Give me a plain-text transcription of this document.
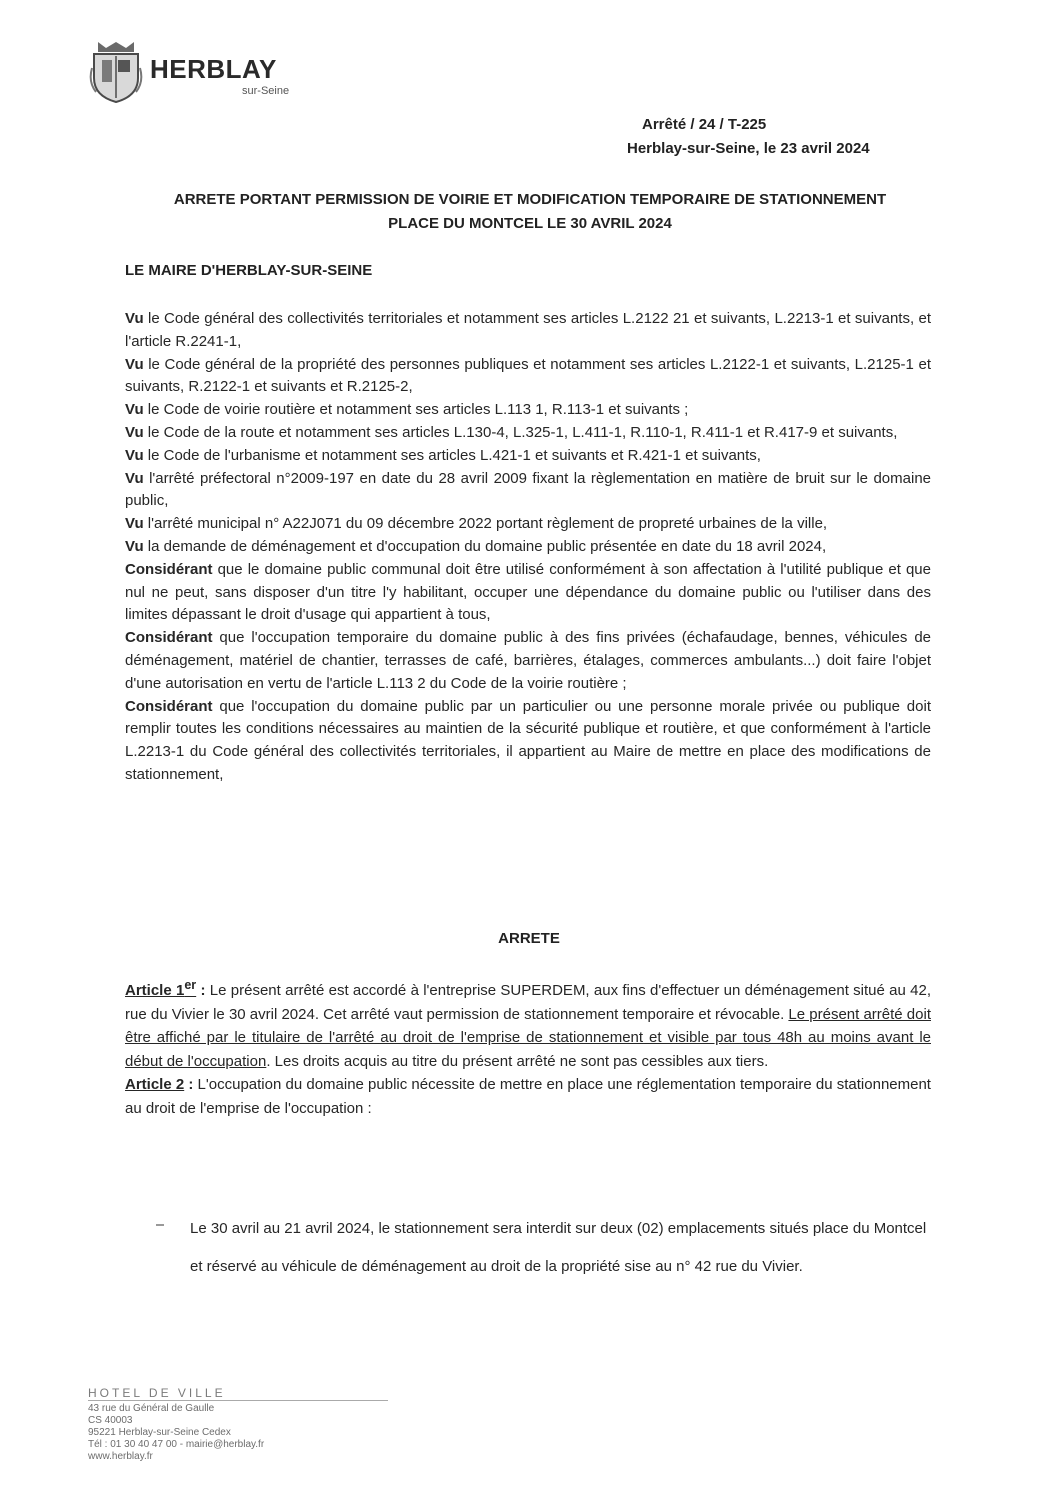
HERBLAY
sur-Seine
Arrêté / 24 / T-225
Herblay-sur-Seine, le 23 avril 2024
ARRETE PORTANT PERMISSION DE VOIRIE ET MODIFICATION TEMPORAIRE DE STATIONNEMENT
PLACE DU MONTCEL LE 30 AVRIL 2024
LE MAIRE D'HERBLAY-SUR-SEINE

Vu le Code général des collectivités territoriales et notamment ses articles L.2122 21 et suivants, L.2213-1 et suivants, et l'article R.2241-1,

Vu le Code général de la propriété des personnes publiques et notamment ses articles L.2122-1 et suivants, L.2125-1 et suivants, R.2122-1 et suivants et R.2125-2,

Vu le Code de voirie routière et notamment ses articles L.113 1, R.113-1 et suivants ;

Vu le Code de la route et notamment ses articles L.130-4, L.325-1, L.411-1, R.110-1, R.411-1 et R.417-9 et suivants,

Vu le Code de l'urbanisme et notamment ses articles L.421-1 et suivants et R.421-1 et suivants,

Vu l'arrêté préfectoral n°2009-197 en date du 28 avril 2009 fixant la règlementation en matière de bruit sur le domaine public,

Vu l'arrêté municipal n° A22J071 du 09 décembre 2022 portant règlement de propreté urbaines de la ville,

Vu la demande de déménagement et d'occupation du domaine public présentée en date du 18 avril 2024,

Considérant que le domaine public communal doit être utilisé conformément à son affectation à l'utilité publique et que nul ne peut, sans disposer d'un titre l'y habilitant, occuper une dépendance du domaine public ou l'utiliser dans des limites dépassant le droit d'usage qui appartient à tous,

Considérant que l'occupation temporaire du domaine public à des fins privées (échafaudage, bennes, véhicules de déménagement, matériel de chantier, terrasses de café, barrières, étalages, commerces ambulants...) doit faire l'objet d'une autorisation en vertu de l'article L.113 2 du Code de la voirie routière ;

Considérant que l'occupation du domaine public par un particulier ou une personne morale privée ou publique doit remplir toutes les conditions nécessaires au maintien de la sécurité publique et routière, et que conformément à l'article L.2213-1 du Code général des collectivités territoriales, il appartient au Maire de mettre en place des modifications de stationnement,

ARRETE

Article 1er : Le présent arrêté est accordé à l'entreprise SUPERDEM, aux fins d'effectuer un déménagement situé au 42, rue du Vivier le 30 avril 2024. Cet arrêté vaut permission de stationnement temporaire et révocable. Le présent arrêté doit être affiché par le titulaire de l'arrêté au droit de l'emprise de stationnement et visible par tous 48h au moins avant le début de l'occupation. Les droits acquis au titre du présent arrêté ne sont pas cessibles aux tiers.

Article 2 : L'occupation du domaine public nécessite de mettre en place une réglementation temporaire du stationnement au droit de l'emprise de l'occupation :

Le 30 avril au 21 avril 2024, le stationnement sera interdit sur deux (02) emplacements situés place du Montcel et réservé au véhicule de déménagement au droit de la propriété sise au n° 42 rue du Vivier.
HOTEL DE VILLE
43 rue du Général de Gaulle
CS 40003
95221 Herblay-sur-Seine Cedex
Tél : 01 30 40 47 00 - mairie@herblay.fr
www.herblay.fr
